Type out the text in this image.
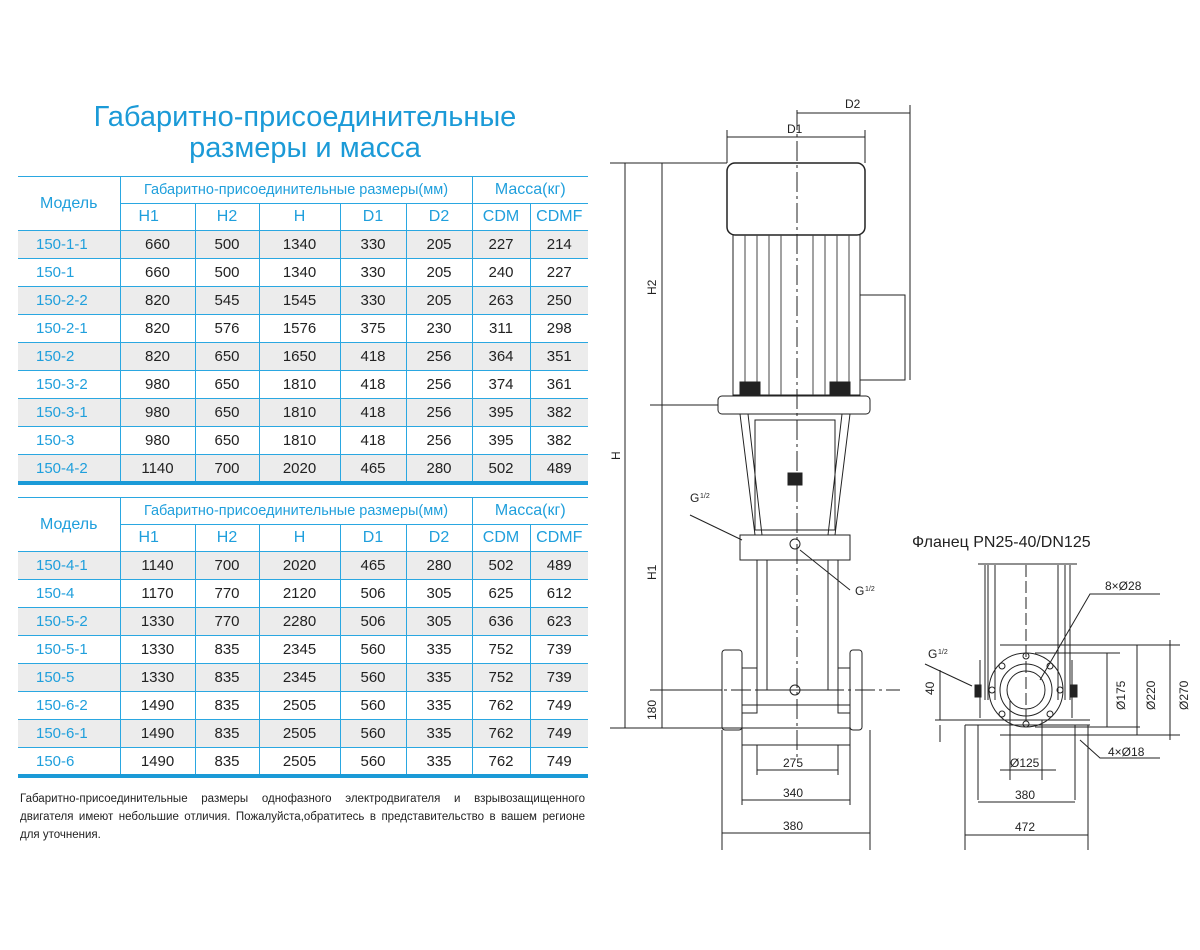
Габаритно-присоединительные
размеры и масса
Модель	Габаритно-присоединительные размеры(мм)					Масса(кг)	
	H1	H2	H	D1	D2	CDM	CDMF
150-1-1	660	500	1340	330	205	227	214
150-1	660	500	1340	330	205	240	227
150-2-2	820	545	1545	330	205	263	250
150-2-1	820	576	1576	375	230	311	298
150-2	820	650	1650	418	256	364	351
150-3-2	980	650	1810	418	256	374	361
150-3-1	980	650	1810	418	256	395	382
150-3	980	650	1810	418	256	395	382
150-4-2	1140	700	2020	465	280	502	489
Модель	Габаритно-присоединительные размеры(мм)					Масса(кг)	
	H1	H2	H	D1	D2	CDM	CDMF
150-4-1	1140	700	2020	465	280	502	489
150-4	1170	770	2120	506	305	625	612
150-5-2	1330	770	2280	506	305	636	623
150-5-1	1330	835	2345	560	335	752	739
150-5	1330	835	2345	560	335	752	739
150-6-2	1490	835	2505	560	335	762	749
150-6-1	1490	835	2505	560	335	762	749
150-6	1490	835	2505	560	335	762	749
Габаритно-присоединительные размеры однофазного электродвигателя и взрывозащищенного двигателя имеют небольшие отличия. Пожалуйста,обратитесь в представительство в вашем регионе для уточнения.
D2
D1
H2
H
H1
180
G 1/2
G 1/2
275
340
380
Фланец PN25-40/DN125
8×Ø28
G 1/2
40	Ø175 Ø220 Ø270
4×Ø18
Ø125
380
472
